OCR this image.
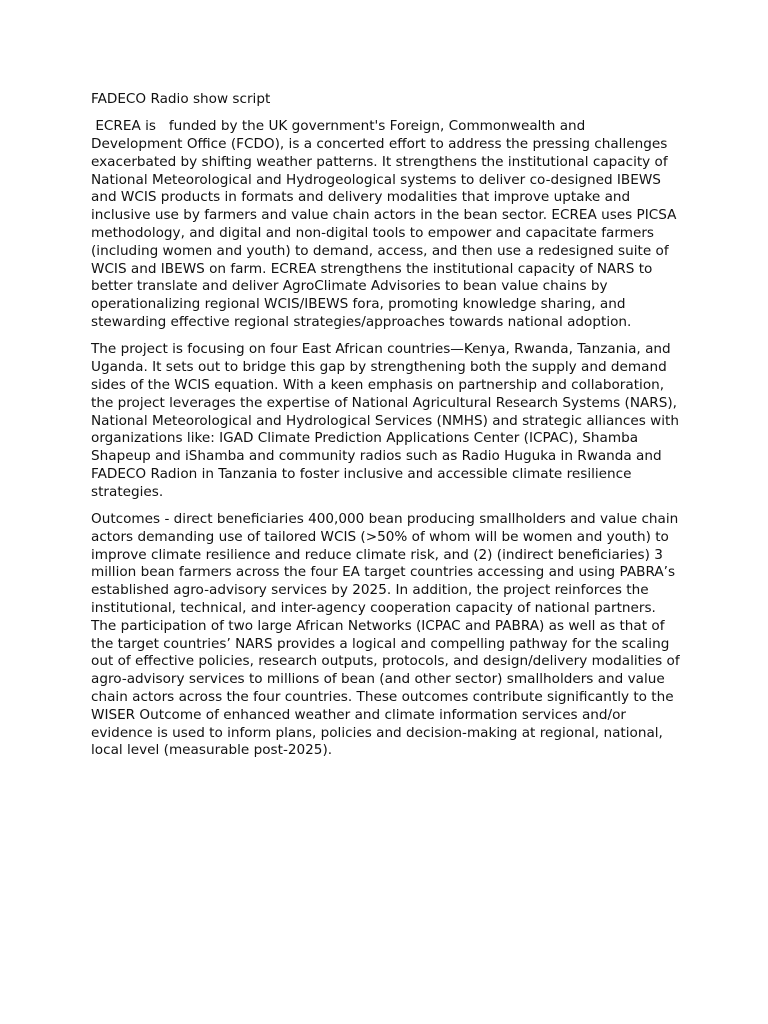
FADECO Radio show script

ECREA is   funded by the UK government's Foreign, Commonwealth and Development Office (FCDO), is a concerted effort to address the pressing challenges exacerbated by shifting weather patterns. It strengthens the institutional capacity of National Meteorological and Hydrogeological systems to deliver co-designed IBEWS and WCIS products in formats and delivery modalities that improve uptake and inclusive use by farmers and value chain actors in the bean sector. ECREA uses PICSA methodology, and digital and non-digital tools to empower and capacitate farmers (including women and youth) to demand, access, and then use a redesigned suite of WCIS and IBEWS on farm. ECREA strengthens the institutional capacity of NARS to better translate and deliver AgroClimate Advisories to bean value chains by operationalizing regional WCIS/IBEWS fora, promoting knowledge sharing, and stewarding effective regional strategies/approaches towards national adoption.

The project is focusing on four East African countries—Kenya, Rwanda, Tanzania, and Uganda. It sets out to bridge this gap by strengthening both the supply and demand sides of the WCIS equation. With a keen emphasis on partnership and collaboration, the project leverages the expertise of National Agricultural Research Systems (NARS), National Meteorological and Hydrological Services (NMHS) and strategic alliances with organizations like: IGAD Climate Prediction Applications Center (ICPAC), Shamba Shapeup and iShamba and community radios such as Radio Huguka in Rwanda and FADECO Radion in Tanzania to foster inclusive and accessible climate resilience strategies.

Outcomes - direct beneficiaries 400,000 bean producing smallholders and value chain actors demanding use of tailored WCIS (>50% of whom will be women and youth) to improve climate resilience and reduce climate risk, and (2) (indirect beneficiaries) 3 million bean farmers across the four EA target countries accessing and using PABRA’s established agro-advisory services by 2025. In addition, the project reinforces the institutional, technical, and inter-agency cooperation capacity of national partners. The participation of two large African Networks (ICPAC and PABRA) as well as that of the target countries’ NARS provides a logical and compelling pathway for the scaling out of effective policies, research outputs, protocols, and design/delivery modalities of agro-advisory services to millions of bean (and other sector) smallholders and value chain actors across the four countries. These outcomes contribute significantly to the WISER Outcome of enhanced weather and climate information services and/or evidence is used to inform plans, policies and decision-making at regional, national, local level (measurable post-2025).
